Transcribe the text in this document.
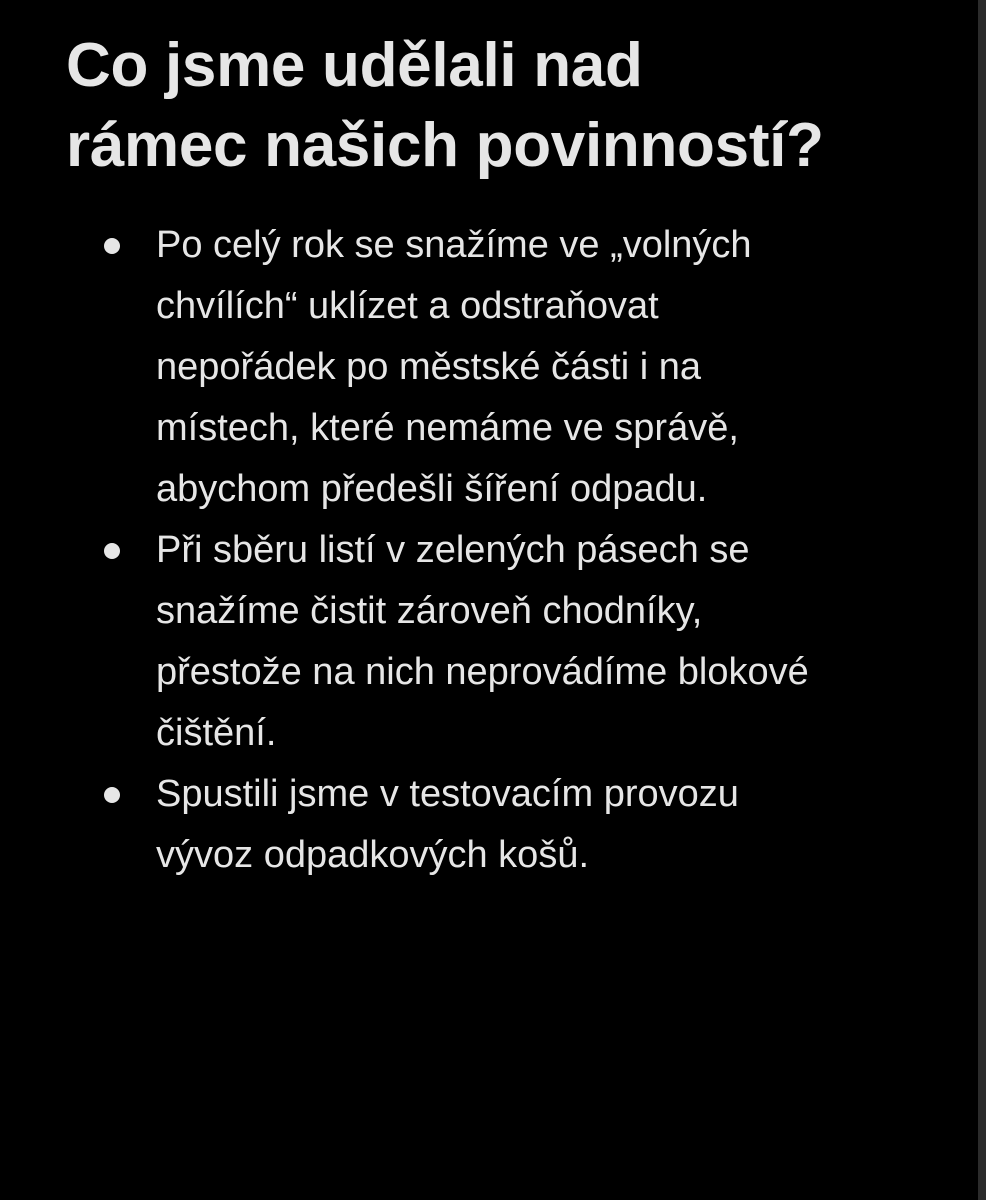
Co jsme udělali nad
rámec našich povinností?
Po celý rok se snažíme ve „volných
chvílích“ uklízet a odstraňovat
nepořádek po městské části i na
místech, které nemáme ve správě,
abychom předešli šíření odpadu.
Při sběru listí v zelených pásech se
snažíme čistit zároveň chodníky,
přestože na nich neprovádíme blokové
čištění.
Spustili jsme v testovacím provozu
vývoz odpadkových košů.
